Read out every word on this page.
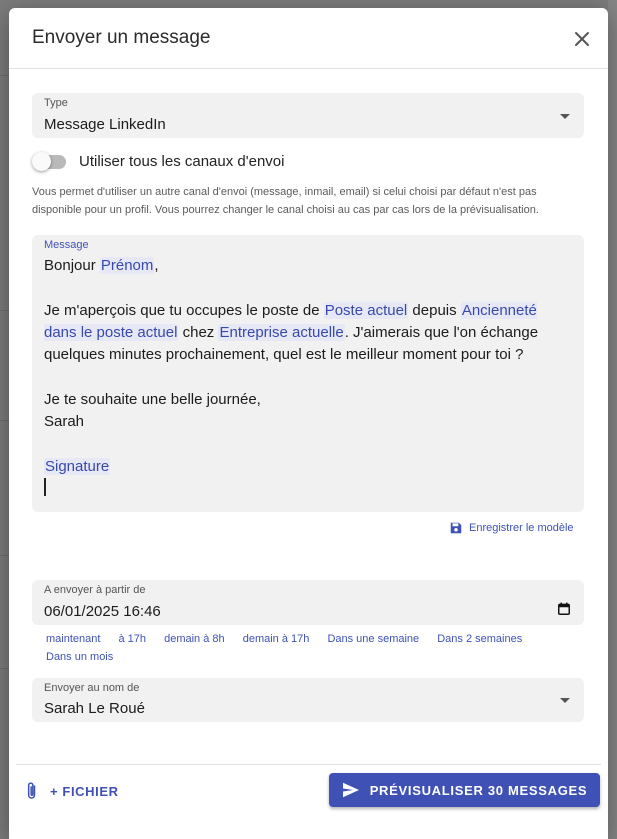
Envoyer un message
Type
Message LinkedIn
Utiliser tous les canaux d'envoi
Vous permet d'utiliser un autre canal d'envoi (message, inmail, email) si celui choisi par défaut n'est pas disponible pour un profil. Vous pourrez changer le canal choisi au cas par cas lors de la prévisualisation.
Message

Bonjour Prénom,

Je m'aperçois que tu occupes le poste de Poste actuel depuis Ancienneté dans le poste actuel chez Entreprise actuelle. J'aimerais que l'on échange quelques minutes prochainement, quel est le meilleur moment pour toi ?

Je te souhaite une belle journée,

Sarah

Signature

Enregistrer le modèle
A envoyer à partir de
06/01/2025 16:46
maintenant à 17h demain à 8h demain à 17h Dans une semaine Dans 2 semaines Dans un mois
Envoyer au nom de
Sarah Le Roué
+ FICHIER	PRÉVISUALISER 30 MESSAGES
